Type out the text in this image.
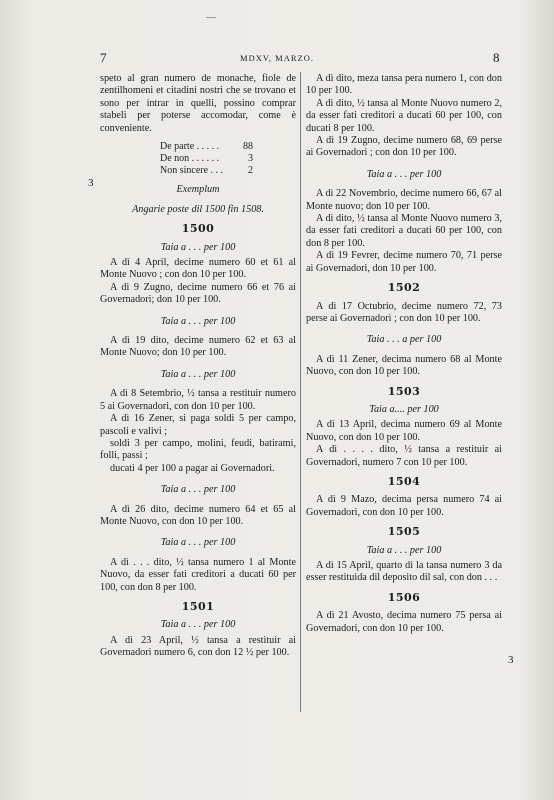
—
7	MDXV, MARZO.	8
3
3

speto al gran numero de monache, fiole de zentilhomeni et citadini nostri che se trovano et sono per intrar in quelli, possino comprar stabeli per poterse accomodar, come è conveniente.

De parte . . . . .	88
De non . . . . . .	3
Non sincere . . .	2
Exemplum
Angarie poste dil 1500 fin 1508.
1500
Taia a . . . per 100

A dì 4 April, decime numero 60 et 61 al Monte Nuovo ; con don 10 per 100.

A dì 9 Zugno, decime numero 66 et 76 ai Governadori; don 10 per 100.

Taia a . . . per 100

A dì 19 dito, decime numero 62 et 63 al Monte Nuovo; don 10 per 100.

Taia a . . . per 100

A dì 8 Setembrio, ½ tansa a restituir numero 5 ai Governadori, con don 10 per 100.

A dì 16 Zener, si paga soldi 5 per campo, pascoli e valivi ;

soldi 3 per campo, molini, feudi, batirami, folli, passi ;

ducati 4 per 100 a pagar ai Governadori.

Taia a . . . per 100

A dì 26 dito, decime numero 64 et 65 al Monte Nuovo, con don 10 per 100.

Taia a . . . per 100

A dì . . . dito, ½ tansa numero 1 al Monte Nuovo, da esser fati creditori a ducati 60 per 100, con don 8 per 100.

1501
Taia a . . . per 100

A dì 23 April, ½ tansa a restituir ai Governadori numero 6, con don 12 ½ per 100.

A dì dito, meza tansa pera numero 1, con don 10 per 100.

A dì dito, ½ tansa al Monte Nuovo numero 2, da esser fati creditori a ducati 60 per 100, con ducati 8 per 100.

A dì 19 Zugno, decime numero 68, 69 perse ai Governadori ; con don 10 per 100.

Taia a . . . per 100

A dì 22 Novembrio, decime numero 66, 67 al Monte nuovo; don 10 per 100.

A dì dito, ½ tansa al Monte Nuovo numero 3, da esser fati creditori a ducati 60 per 100, con don 8 per 100.

A dì 19 Fevrer, decime numero 70, 71 perse ai Governadori, don 10 per 100.

1502

A dì 17 Octubrio, decime numero 72, 73 perse ai Governadori ; con don 10 per 100.

Taia . . . a per 100

A dì 11 Zener, decima numero 68 al Monte Nuovo, con don 10 per 100.

1503
Taia a.... per 100

A dì 13 April, decima numero 69 al Monte Nuovo, con don 10 per 100.

A dì . . . . dito, ½ tansa a restituir ai Governadori, numero 7 con 10 per 100.

1504

A dì 9 Mazo, decima persa numero 74 ai Governadori, con don 10 per 100.

1505
Taia a . . . per 100

A dì 15 April, quarto di la tansa numero 3 da esser restituida dil deposito dil sal, con don . . .

1506

A dì 21 Avosto, decima numero 75 persa ai Governadori, con don 10 per 100.
